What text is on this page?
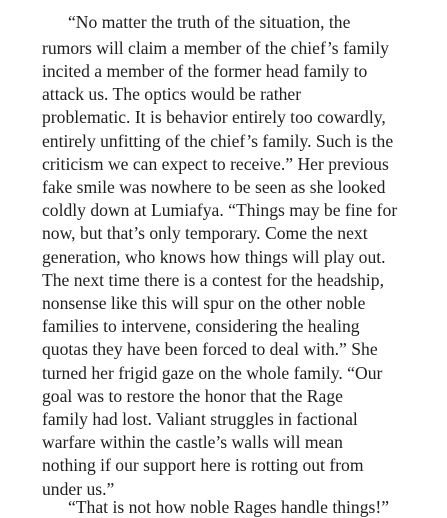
“No matter the truth of the situation, the
rumors will claim a member of the chief’s family
incited a member of the former head family to
attack us. The optics would be rather
problematic. It is behavior entirely too cowardly,
entirely unfitting of the chief’s family. Such is the
criticism we can expect to receive.” Her previous
fake smile was nowhere to be seen as she looked
coldly down at Lumiafya. “Things may be fine for
now, but that’s only temporary. Come the next
generation, who knows how things will play out.
The next time there is a contest for the headship,
nonsense like this will spur on the other noble
families to intervene, considering the healing
quotas they have been forced to deal with.” She
turned her frigid gaze on the whole family. “Our
goal was to restore the honor that the Rage
family had lost. Valiant struggles in factional
warfare within the castle’s walls will mean
nothing if our support here is rotting out from
under us.”
“That is not how noble Rages handle things!”
